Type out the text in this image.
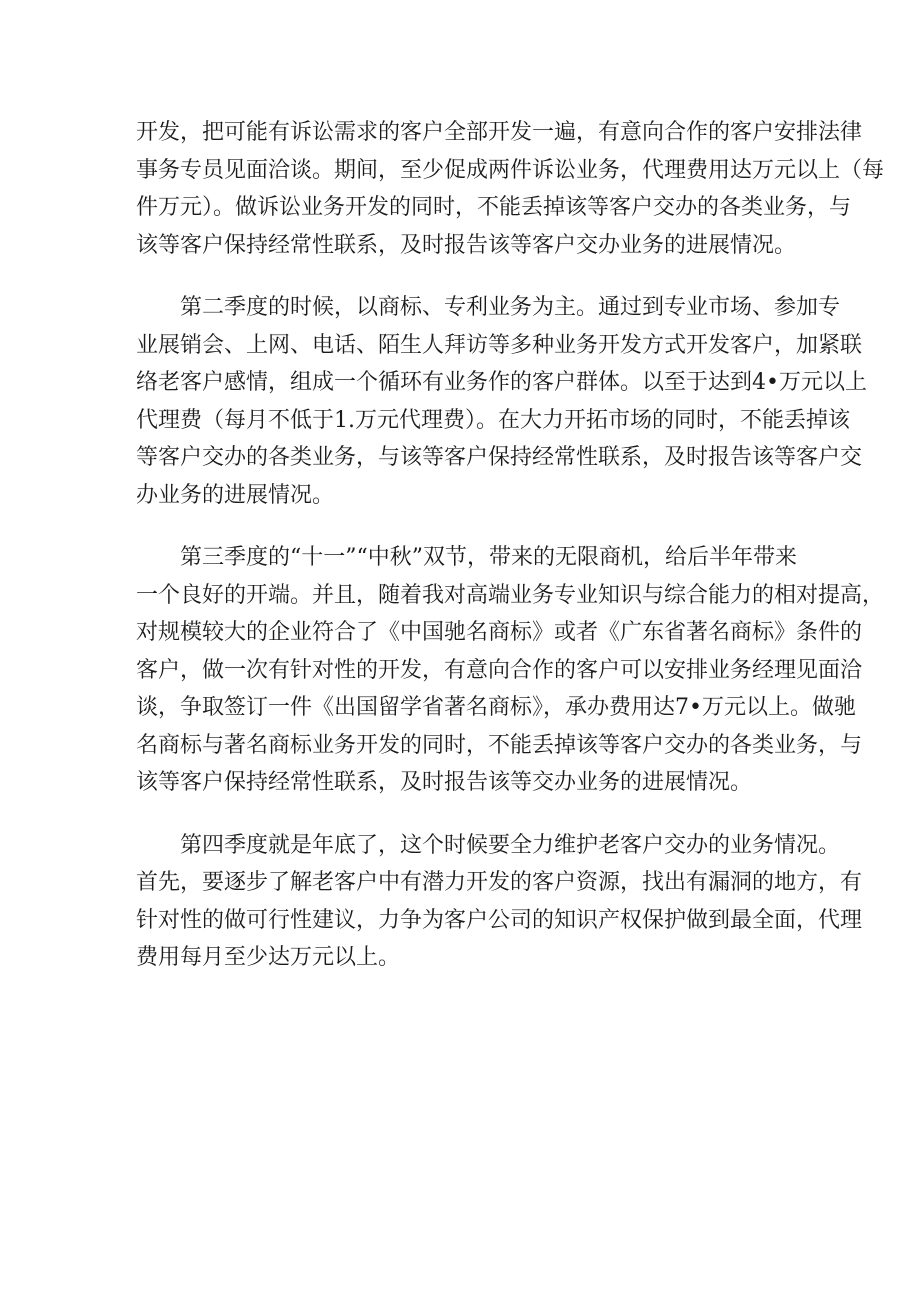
开发，把可能有诉讼需求的客户全部开发一遍，有意向合作的客户安排法律
事务专员见面洽谈。期间，至少促成两件诉讼业务，代理费用达万元以上（每
件万元）。做诉讼业务开发的同时，不能丢掉该等客户交办的各类业务，与
该等客户保持经常性联系，及时报告该等客户交办业务的进展情况。

第二季度的时候，以商标、专利业务为主。通过到专业市场、参加专
业展销会、上网、电话、陌生人拜访等多种业务开发方式开发客户，加紧联
络老客户感情，组成一个循环有业务作的客户群体。以至于达到4•万元以上
代理费（每月不低于1.万元代理费）。在大力开拓市场的同时，不能丢掉该
等客户交办的各类业务，与该等客户保持经常性联系，及时报告该等客户交
办业务的进展情况。

第三季度的“十一”“中秋”双节，带来的无限商机，给后半年带来
一个良好的开端。并且，随着我对高端业务专业知识与综合能力的相对提高，
对规模较大的企业符合了《中国驰名商标》或者《广东省著名商标》条件的
客户，做一次有针对性的开发，有意向合作的客户可以安排业务经理见面洽
谈，争取签订一件《出国留学省著名商标》，承办费用达7•万元以上。做驰
名商标与著名商标业务开发的同时，不能丢掉该等客户交办的各类业务，与
该等客户保持经常性联系，及时报告该等交办业务的进展情况。

第四季度就是年底了，这个时候要全力维护老客户交办的业务情况。
首先，要逐步了解老客户中有潜力开发的客户资源，找出有漏洞的地方，有
针对性的做可行性建议，力争为客户公司的知识产权保护做到最全面，代理
费用每月至少达万元以上。
